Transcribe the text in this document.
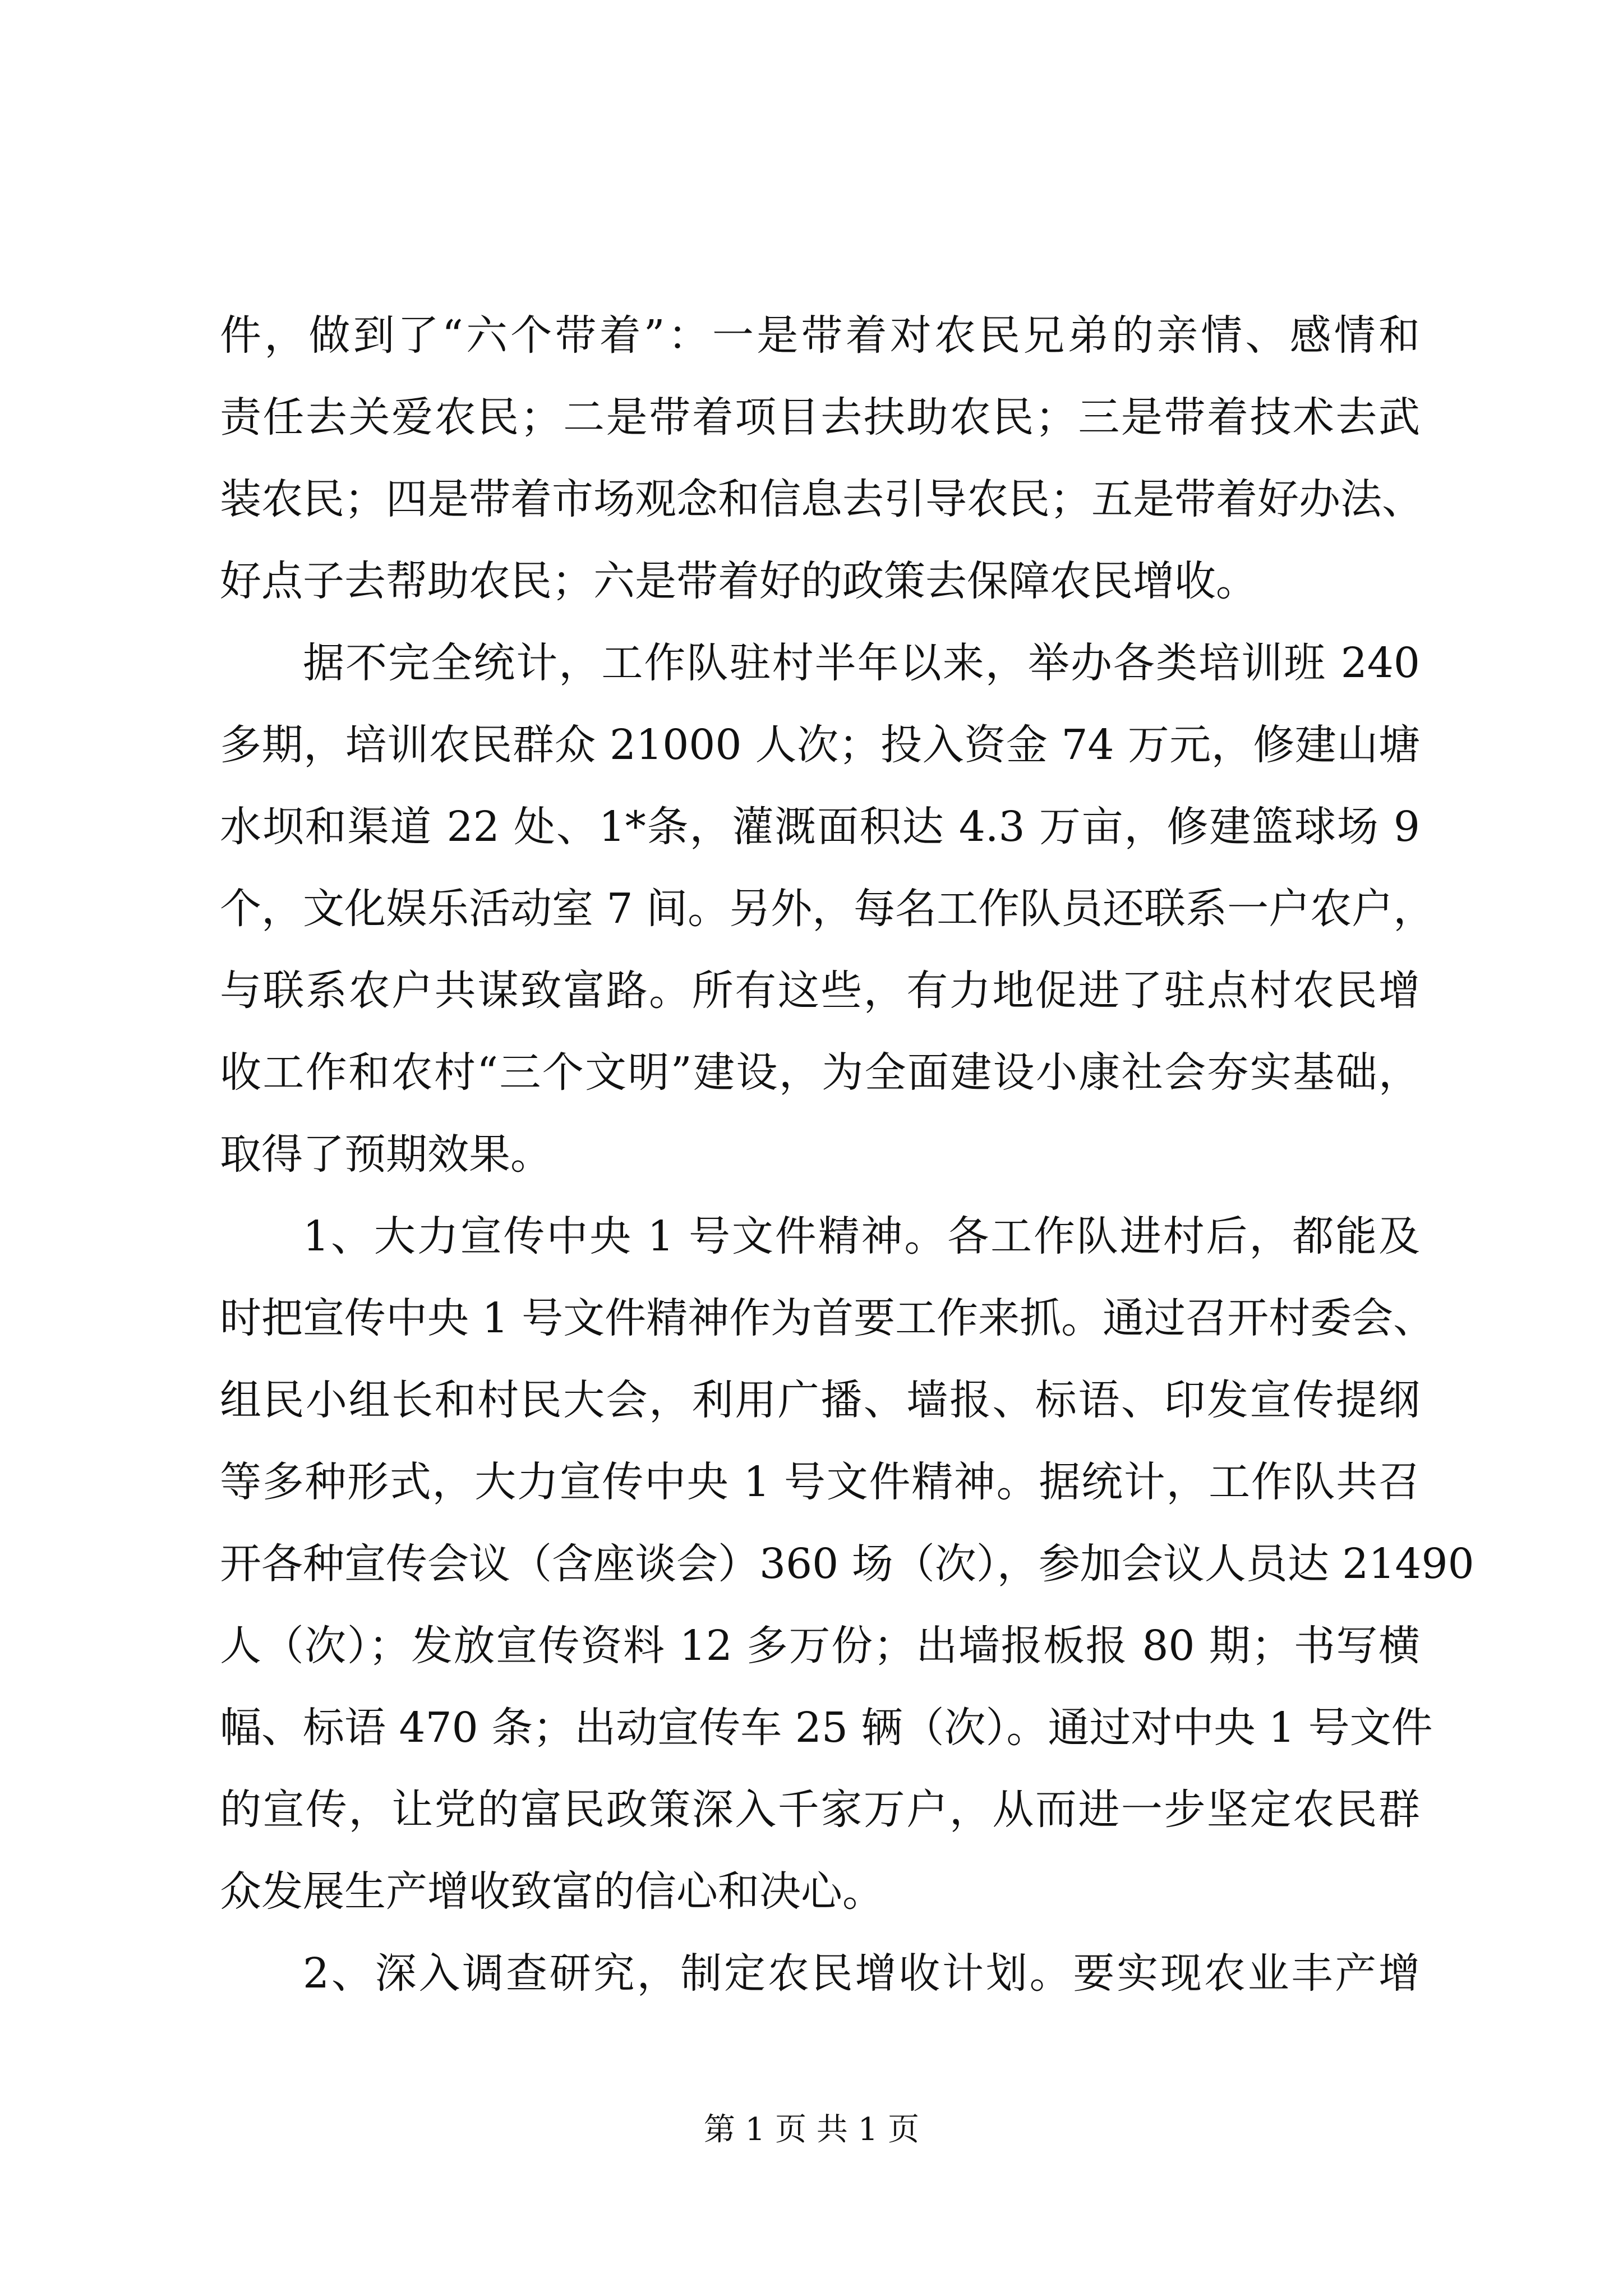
件，做到了“六个带着”：一是带着对农民兄弟的亲情、感情和
责任去关爱农民；二是带着项目去扶助农民；三是带着技术去武
装农民；四是带着市场观念和信息去引导农民；五是带着好办法、
好点子去帮助农民；六是带着好的政策去保障农民增收。
据不完全统计，工作队驻村半年以来，举办各类培训班 240
多期，培训农民群众 21000 人次；投入资金 74 万元，修建山塘
水坝和渠道 22 处、1*条，灌溉面积达 4.3 万亩，修建篮球场 9
个，文化娱乐活动室 7 间。另外，每名工作队员还联系一户农户，
与联系农户共谋致富路。所有这些，有力地促进了驻点村农民增
收工作和农村“三个文明”建设，为全面建设小康社会夯实基础，
取得了预期效果。
1、大力宣传中央 1 号文件精神。各工作队进村后，都能及
时把宣传中央 1 号文件精神作为首要工作来抓。通过召开村委会、
组民小组长和村民大会，利用广播、墙报、标语、印发宣传提纲
等多种形式，大力宣传中央 1 号文件精神。据统计，工作队共召
开各种宣传会议（含座谈会）360 场（次），参加会议人员达 21490
人（次）；发放宣传资料 12 多万份；出墙报板报 80 期；书写横
幅、标语 470 条；出动宣传车 25 辆（次）。通过对中央 1 号文件
的宣传，让党的富民政策深入千家万户，从而进一步坚定农民群
众发展生产增收致富的信心和决心。
2、深入调查研究，制定农民增收计划。要实现农业丰产增
第 1 页 共 1 页
